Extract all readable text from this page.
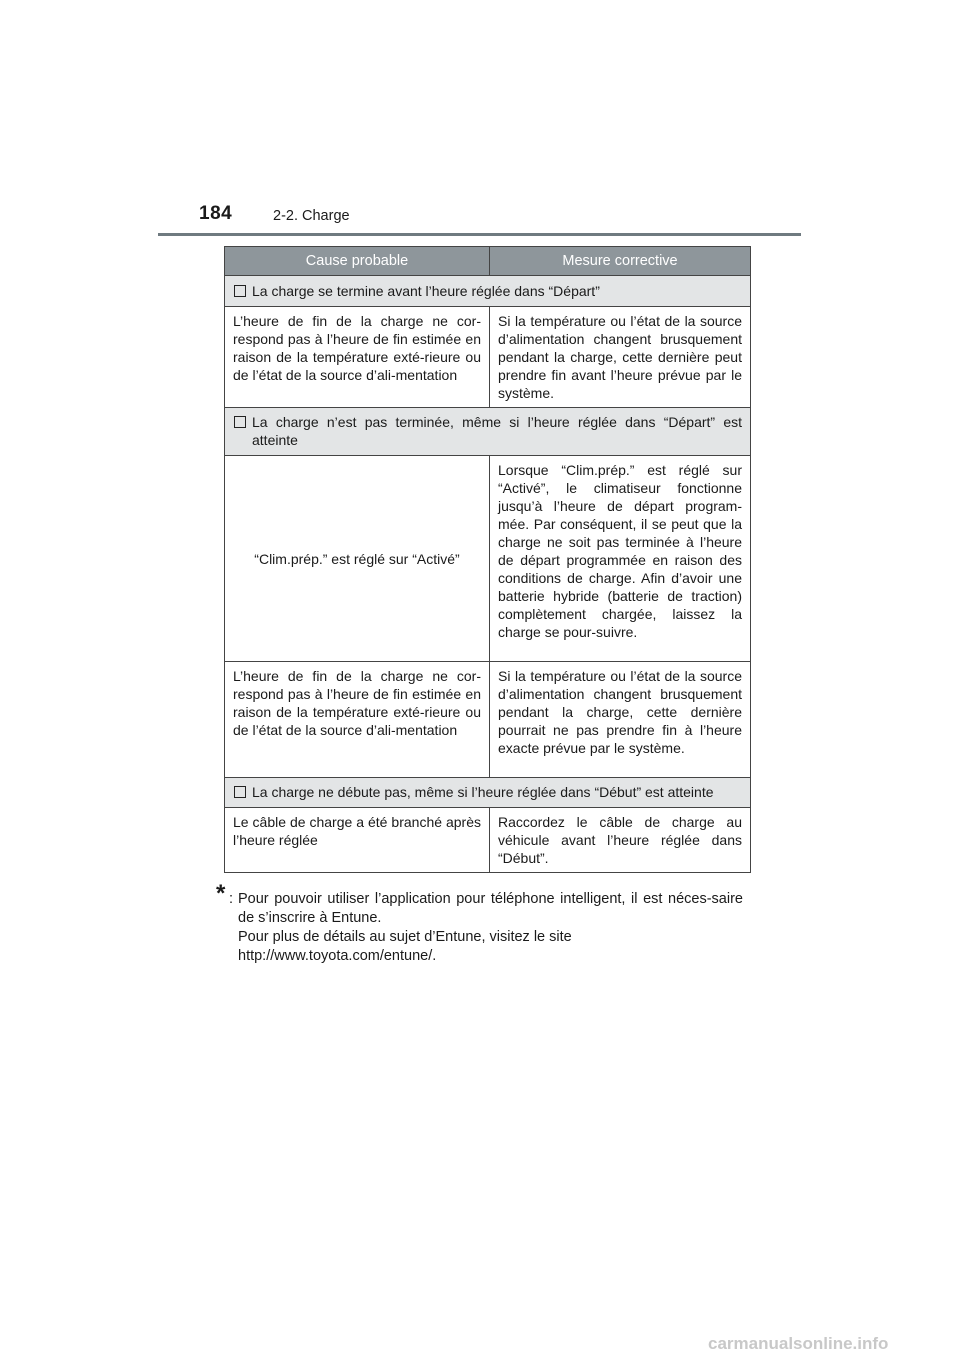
184	2-2. Charge
Cause probable	Mesure corrective

La charge se termine avant l’heure réglée dans “Départ”	

L’heure de fin de la charge ne cor-respond pas à l’heure de fin estimée en raison de la température exté-rieure ou de l’état de la source d’ali-mentation	Si la température ou l’état de la source d’alimentation changent brusquement pendant la charge, cette dernière peut prendre fin avant l’heure prévue par le système.

La charge n’est pas terminée, même si l’heure réglée dans “Départ” est atteinte	

“Clim.prép.” est réglé sur “Activé”	Lorsque “Clim.prép.” est réglé sur “Activé”, le climatiseur fonctionne jusqu’à l’heure de départ program-mée. Par conséquent, il se peut que la charge ne soit pas terminée à l’heure de départ programmée en raison des conditions de charge. Afin d’avoir une batterie hybride (batterie de traction) complètement chargée, laissez la charge se pour-suivre.
L’heure de fin de la charge ne cor-respond pas à l’heure de fin estimée en raison de la température exté-rieure ou de l’état de la source d’ali-mentation	Si la température ou l’état de la source d’alimentation changent brusquement pendant la charge, cette dernière pourrait ne pas prendre fin à l’heure exacte prévue par le système.

La charge ne débute pas, même si l’heure réglée dans “Début” est atteinte	

Le câble de charge a été branché après l’heure réglée	Raccordez le câble de charge au véhicule avant l’heure réglée dans “Début”.
* : Pour pouvoir utiliser l’application pour téléphone intelligent, il est néces-saire de s’inscrire à Entune.
Pour plus de détails au sujet d’Entune, visitez le site
http://www.toyota.com/entune/.
carmanualsonline.info
